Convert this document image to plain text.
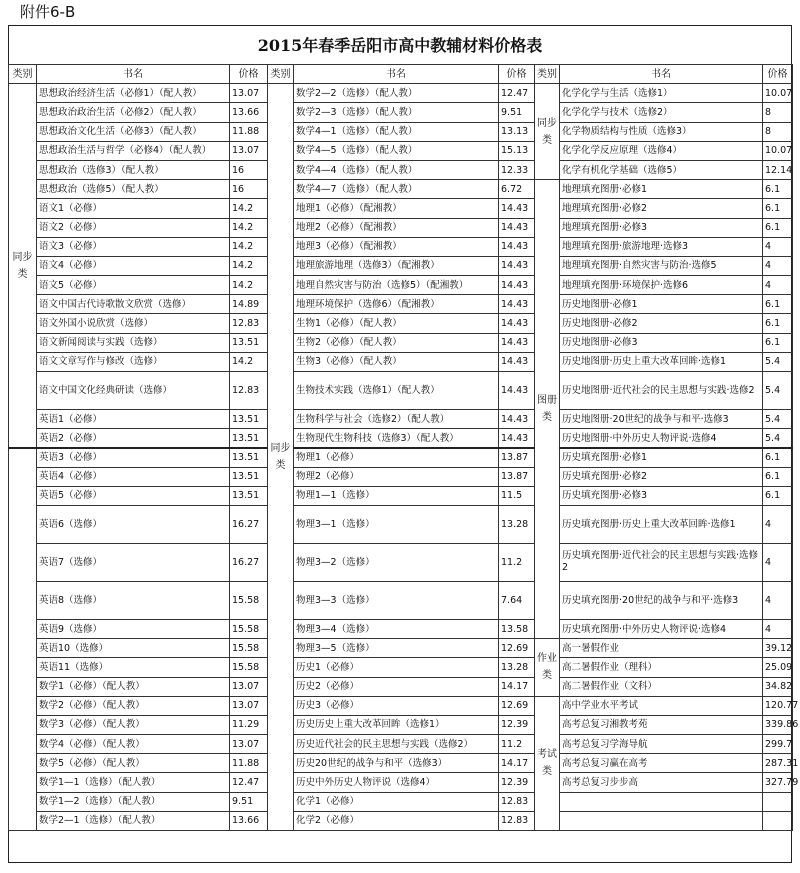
附件6-B
2015年春季岳阳市高中教辅材料价格表
类别	书名	价格	类别	书名	价格	类别	书名	价格
同步类	思想政治经济生活（必修1）（配人教）	13.07	同步类	数学2—2（选修）（配人教）	12.47	同步类	化学化学与生活（选修1）	10.07
	思想政治政治生活（必修2）（配人教）	13.66		数学2—3（选修）（配人教）	9.51		化学化学与技术（选修2）	8
	思想政治文化生活（必修3）（配人教）	11.88		数学4—1（选修）（配人教）	13.13		化学物质结构与性质（选修3）	8
	思想政治生活与哲学（必修4）（配人教）	13.07		数学4—5（选修）（配人教）	15.13		化学化学反应原理（选修4）	10.07
	思想政治（选修3）（配人教）	16		数学4—4（选修）（配人教）	12.33		化学有机化学基础（选修5）	12.14
	思想政治（选修5）（配人教）	16		数学4—7（选修）（配人教）	6.72	图册类	地理填充图册·必修1	6.1
	语文1（必修）	14.2		地理1（必修）（配湘教）	14.43		地理填充图册·必修2	6.1
	语文2（必修）	14.2		地理2（必修）（配湘教）	14.43		地理填充图册·必修3	6.1
	语文3（必修）	14.2		地理3（必修）（配湘教）	14.43		地理填充图册·旅游地理·选修3	4
	语文4（必修）	14.2		地理旅游地理（选修3）（配湘教）	14.43		地理填充图册·自然灾害与防治·选修5	4
	语文5（必修）	14.2		地理自然灾害与防治（选修5）（配湘教）	14.43		地理填充图册·环境保护·选修6	4
	语文中国古代诗歌散文欣赏（选修）	14.89		地理环境保护（选修6）（配湘教）	14.43		历史地图册·必修1	6.1
	语文外国小说欣赏（选修）	12.83		生物1（必修）（配人教）	14.43		历史地图册·必修2	6.1
	语文新闻阅读与实践（选修）	13.51		生物2（必修）（配人教）	14.43		历史地图册·必修3	6.1
	语文文章写作与修改（选修）	14.2		生物3（必修）（配人教）	14.43		历史地图册·历史上重大改革回眸·选修1	5.4
	语文中国文化经典研读（选修）	12.83		生物技术实践（选修1）（配人教）	14.43		历史地图册·近代社会的民主思想与实践·选修2	5.4
	英语1（必修）	13.51		生物科学与社会（选修2）（配人教）	14.43		历史地图册·20世纪的战争与和平·选修3	5.4
	英语2（必修）	13.51		生物现代生物科技（选修3）（配人教）	14.43		历史地图册·中外历史人物评说·选修4	5.4
	英语3（必修）	13.51		物理1（必修）	13.87		历史填充图册·必修1	6.1
	英语4（必修）	13.51		物理2（必修）	13.87		历史填充图册·必修2	6.1
	英语5（必修）	13.51		物理1—1（选修）	11.5		历史填充图册·必修3	6.1
	英语6（选修）	16.27		物理3—1（选修）	13.28		历史填充图册·历史上重大改革回眸·选修1	4
	英语7（选修）	16.27		物理3—2（选修）	11.2		历史填充图册·近代社会的民主思想与实践·选修2	4
	英语8（选修）	15.58		物理3—3（选修）	7.64		历史填充图册·20世纪的战争与和平·选修3	4
	英语9（选修）	15.58		物理3—4（选修）	13.58		历史填充图册·中外历史人物评说·选修4	4
	英语10（选修）	15.58		物理3—5（选修）	12.69	作业类	高一暑假作业	39.12
	英语11（选修）	15.58		历史1（必修）	13.28		高二暑假作业（理科）	25.09
	数学1（必修）（配人教）	13.07		历史2（必修）	14.17		高二暑假作业（文科）	34.82
	数学2（必修）（配人教）	13.07		历史3（必修）	12.69	考试类	高中学业水平考试	120.77
	数学3（必修）（配人教）	11.29		历史历史上重大改革回眸（选修1）	12.39		高考总复习湘教考苑	339.86
	数学4（必修）（配人教）	13.07		历史近代社会的民主思想与实践（选修2）	11.2		高考总复习学海导航	299.7
	数学5（必修）（配人教）	11.88		历史20世纪的战争与和平（选修3）	14.17		高考总复习赢在高考	287.31
	数学1—1（选修）（配人教）	12.47		历史中外历史人物评说（选修4）	12.39		高考总复习步步高	327.79
	数学1—2（选修）（配人教）	9.51		化学1（必修）	12.83			
	数学2—1（选修）（配人教）	13.66		化学2（必修）	12.83			
